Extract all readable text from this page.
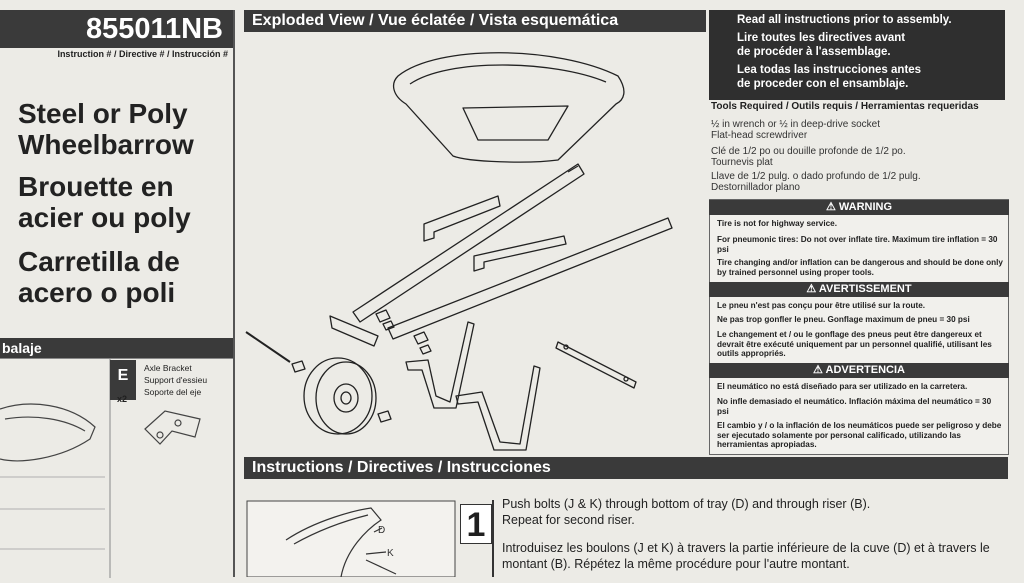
855011NB
Instruction # / Directive # / Instrucción #
Steel or Poly
Wheelbarrow
Brouette en
acier ou poly
Carretilla de
acero o poli
balaje
E
x2
Axle Bracket
Support d'essieu
Soporte del eje
Exploded View / Vue éclatée / Vista esquemática	Read all instructions prior to assembly.
Lire toutes les directives avant
de procéder à l'assemblage.
Lea todas las instrucciones antes
de proceder con el ensamblaje.
Tools Required / Outils requis / Herramientas requeridas
½ in wrench or ½ in deep-drive socket
Flat-head screwdriver
Clé de 1/2 po ou douille profonde de 1/2 po.
Tournevis plat
Llave de 1/2 pulg. o dado profundo de 1/2 pulg.
Destornillador plano
⚠ WARNING
Tire is not for highway service.
For pneumonic tires: Do not over inflate tire. Maximum tire inflation = 30 psi
Tire changing and/or inflation can be dangerous and should be done only by trained personnel using proper tools.
⚠ AVERTISSEMENT
Le pneu n'est pas conçu pour être utilisé sur la route.
Ne pas trop gonfler le pneu. Gonflage maximum de pneu = 30 psi
Le changement et / ou le gonflage des pneus peut être dangereux et devrait être exécuté uniquement par un personnel qualifié, utilisant les outils appropriés.
⚠ ADVERTENCIA
El neumático no está diseñado para ser utilizado en la carretera.
No infle demasiado el neumático. Inflación máxima del neumático = 30 psi
El cambio y / o la inflación de los neumáticos puede ser peligroso y debe ser ejecutado solamente por personal calificado, utilizando las herramientas apropiadas.
Instructions / Directives / Instrucciones
D
K
1
Push bolts (J & K) through bottom of tray (D) and through riser (B).
Repeat for second riser.
Introduisez les boulons (J et K) à travers la partie inférieure de la cuve (D) et à travers le
montant (B). Répétez la même procédure pour l'autre montant.
